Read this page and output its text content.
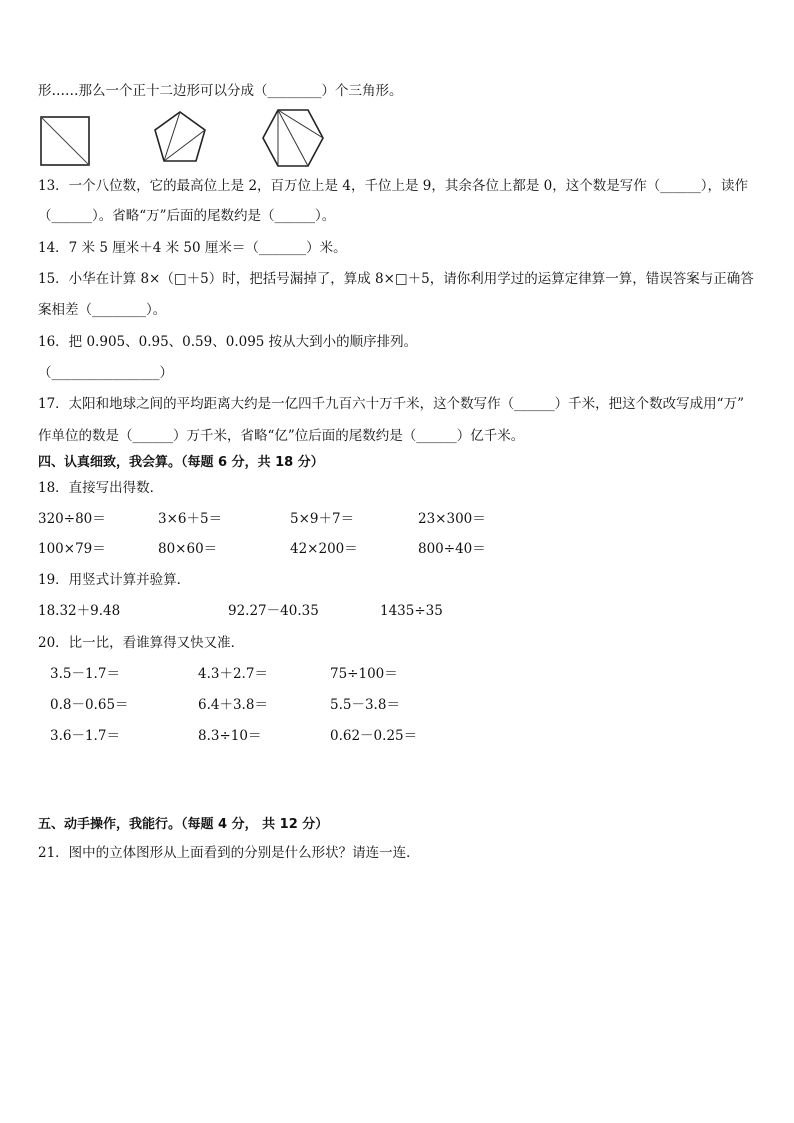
形……那么一个正十二边形可以分成（________）个三角形。
13．一个八位数，它的最高位上是 2，百万位上是 4，千位上是 9，其余各位上都是 0，这个数是写作（______），读作
（______）。省略“万”后面的尾数约是（______）。
14．7 米 5 厘米＋4 米 50 厘米＝（_______）米。
15．小华在计算 8×（□＋5）时，把括号漏掉了，算成 8×□＋5，请你利用学过的运算定律算一算，错误答案与正确答
案相差（________）。
16．把 0.905、0.95、0.59、0.095 按从大到小的顺序排列。
（________________）
17．太阳和地球之间的平均距离大约是一亿四千九百六十万千米，这个数写作（______）千米，把这个数改写成用“万”
作单位的数是（______）万千米，省略“亿”位后面的尾数约是（______）亿千米。
四、认真细致，我会算。（每题 6 分，共 18 分）
18．直接写出得数．
320÷80＝	3×6＋5＝	5×9＋7＝	23×300＝
100×79＝	80×60＝	42×200＝	800÷40＝
19．用竖式计算并验算．
18.32＋9.48	92.27－40.35	1435÷35
20．比一比，看谁算得又快又准．
3.5－1.7＝	4.3＋2.7＝	75÷100＝
0.8－0.65＝	6.4＋3.8＝	5.5－3.8＝
3.6－1.7＝	8.3÷10＝	0.62－0.25＝
五、动手操作，我能行。（每题 4 分， 共 12 分）
21．图中的立体图形从上面看到的分别是什么形状？请连一连．
